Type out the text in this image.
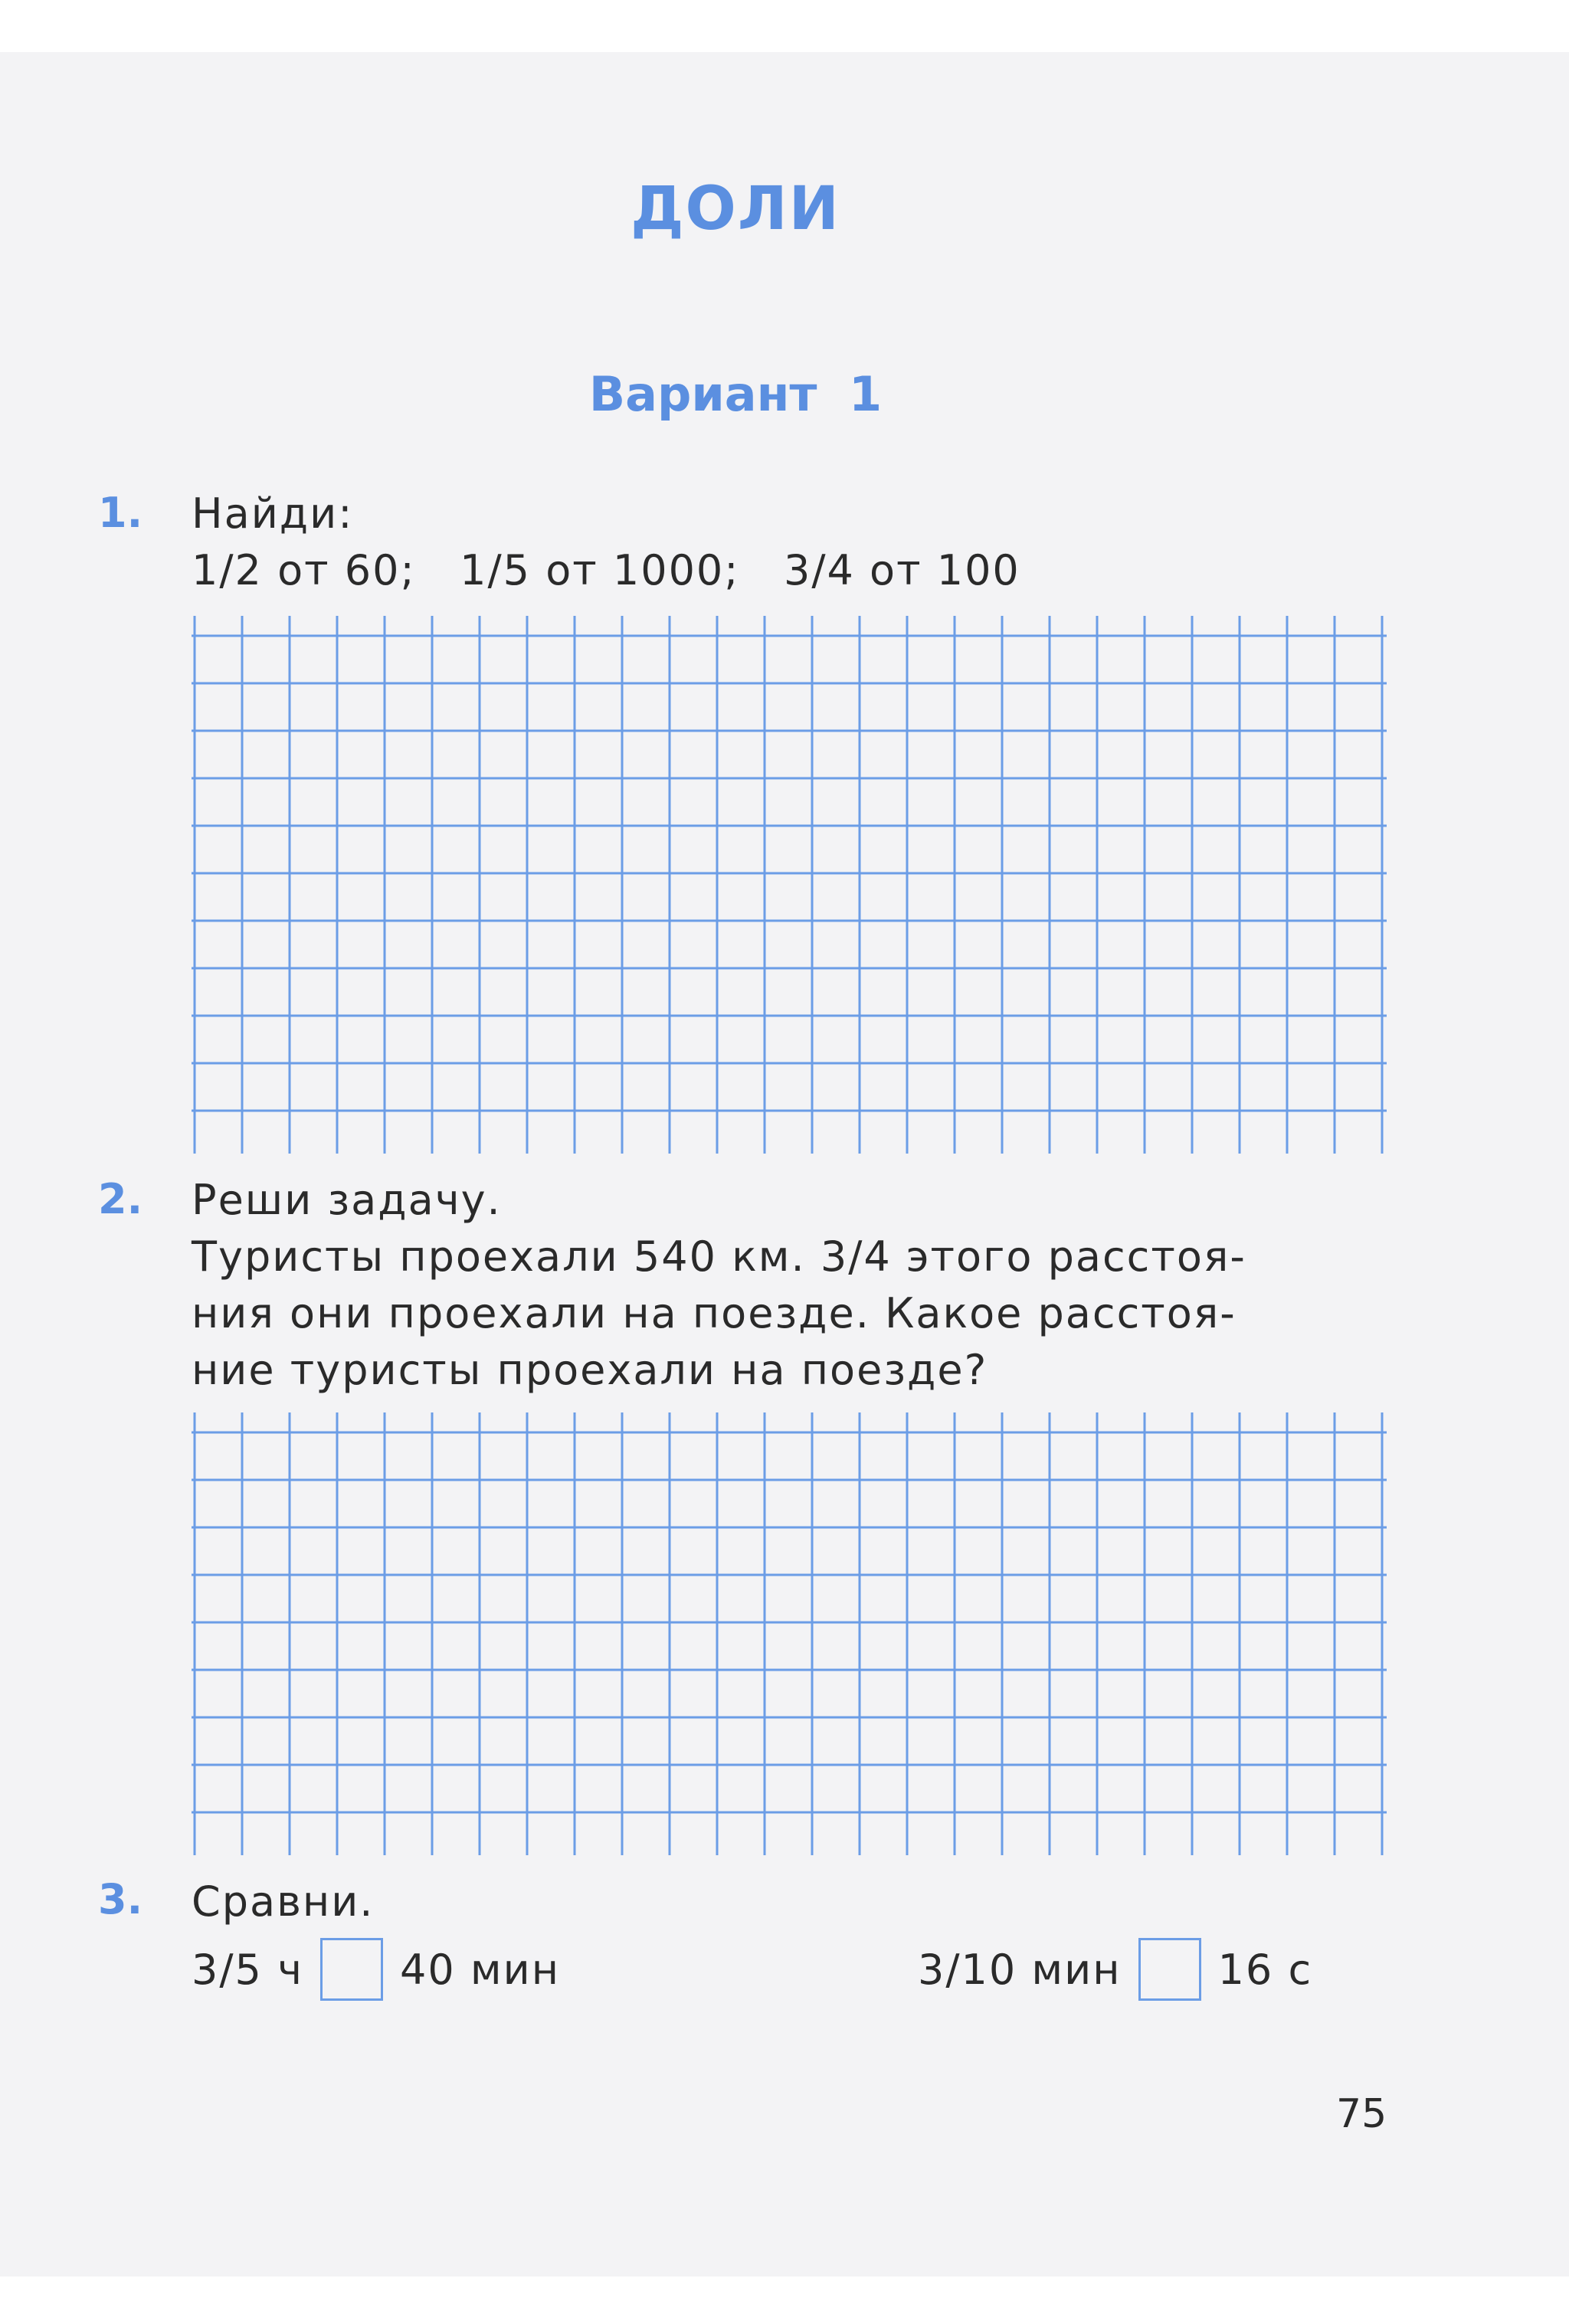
ДОЛИ
Вариант 1
1. Найди:
1/2 от 60;   1/5 от 1000;   3/4 от 100
2. Реши задачу.
Туристы проехали 540 км. 3/4 этого расстоя-
ния они проехали на поезде. Какое расстоя-
ние туристы проехали на поезде?
3. Сравни.
3/5 ч 40 мин	3/10 мин 16 с
75
